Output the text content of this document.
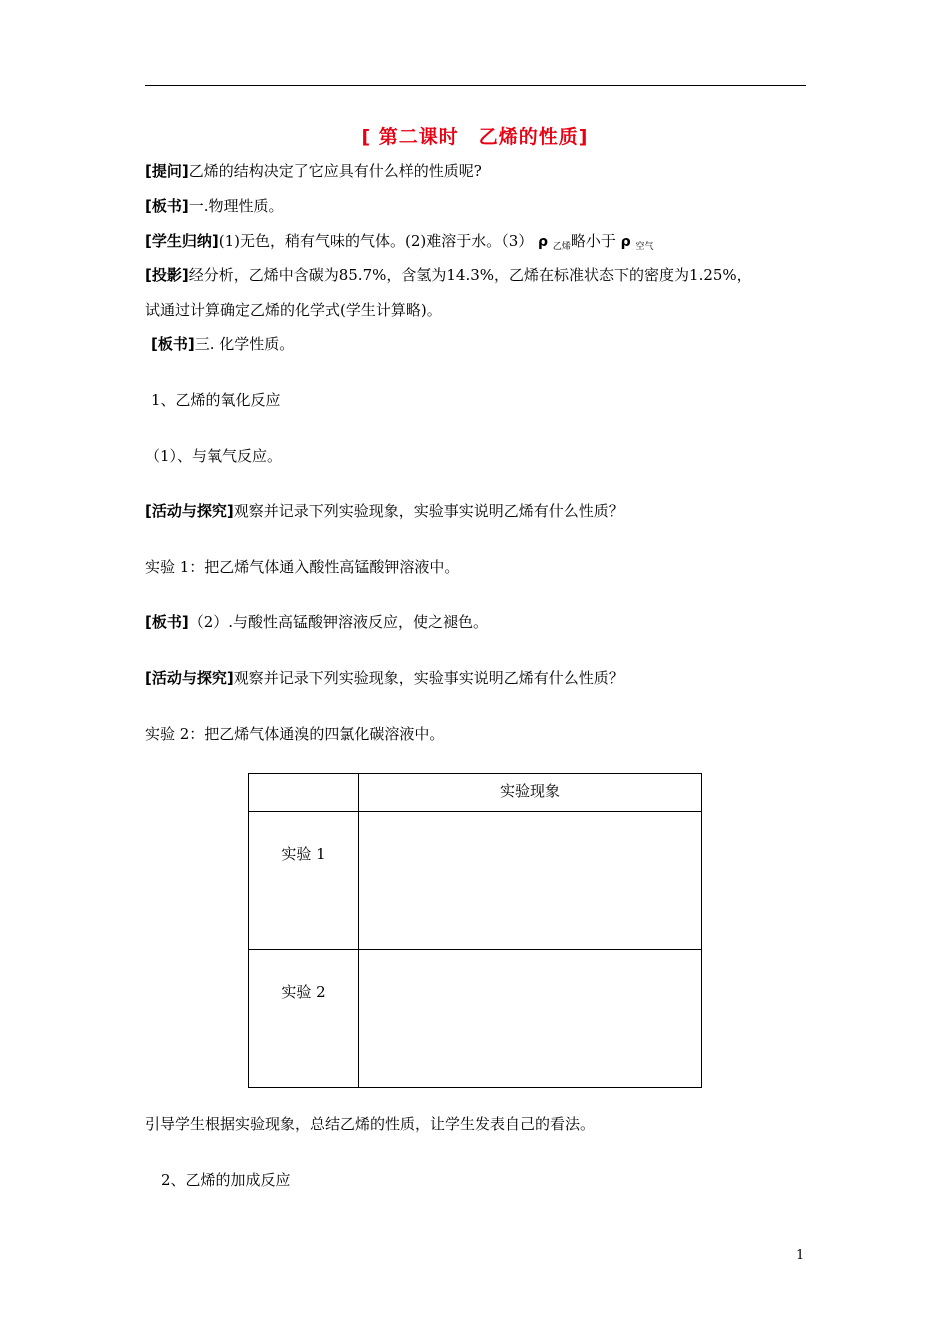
[ 第二课时　乙烯的性质]
[提问]乙烯的结构决定了它应具有什么样的性质呢?
[板书]一.物理性质。
[学生归纳](1)无色，稍有气味的气体。(2)难溶于水。（3） ρ $_{乙烯}$略小于 ρ $_{空气}$
[投影]经分析，乙烯中含碳为85.7%，含氢为14.3%，乙烯在标准状态下的密度为1.25%，
试通过计算确定乙烯的化学式(学生计算略)。
[板书]三. 化学性质。
1、乙烯的氧化反应
（1）、与氧气反应。
[活动与探究]观察并记录下列实验现象，实验事实说明乙烯有什么性质？
实验 1：把乙烯气体通入酸性高锰酸钾溶液中。
[板书]（2）.与酸性高锰酸钾溶液反应，使之褪色。
[活动与探究]观察并记录下列实验现象，实验事实说明乙烯有什么性质？
实验 2：把乙烯气体通溴的四氯化碳溶液中。
	实验现象

实验 1	

实验 2	

引导学生根据实验现象，总结乙烯的性质，让学生发表自己的看法。
2、乙烯的加成反应
1
